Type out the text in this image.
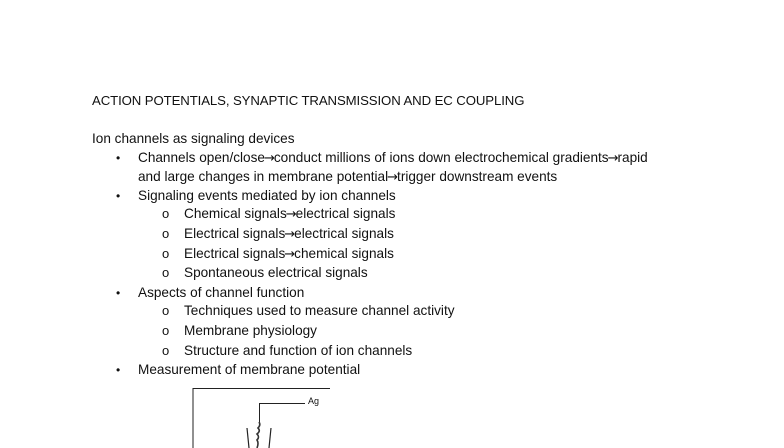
ACTION POTENTIALS, SYNAPTIC TRANSMISSION AND EC COUPLING
Ion channels as signaling devices
• Channels open/close→conduct millions of ions down electrochemical gradients→rapid
and large changes in membrane potential→trigger downstream events
• Signaling events mediated by ion channels
o Chemical signals→electrical signals
o Electrical signals→electrical signals
o Electrical signals→chemical signals
o Spontaneous electrical signals
• Aspects of channel function
o Techniques used to measure channel activity
o Membrane physiology
o Structure and function of ion channels
• Measurement of membrane potential
Ag
